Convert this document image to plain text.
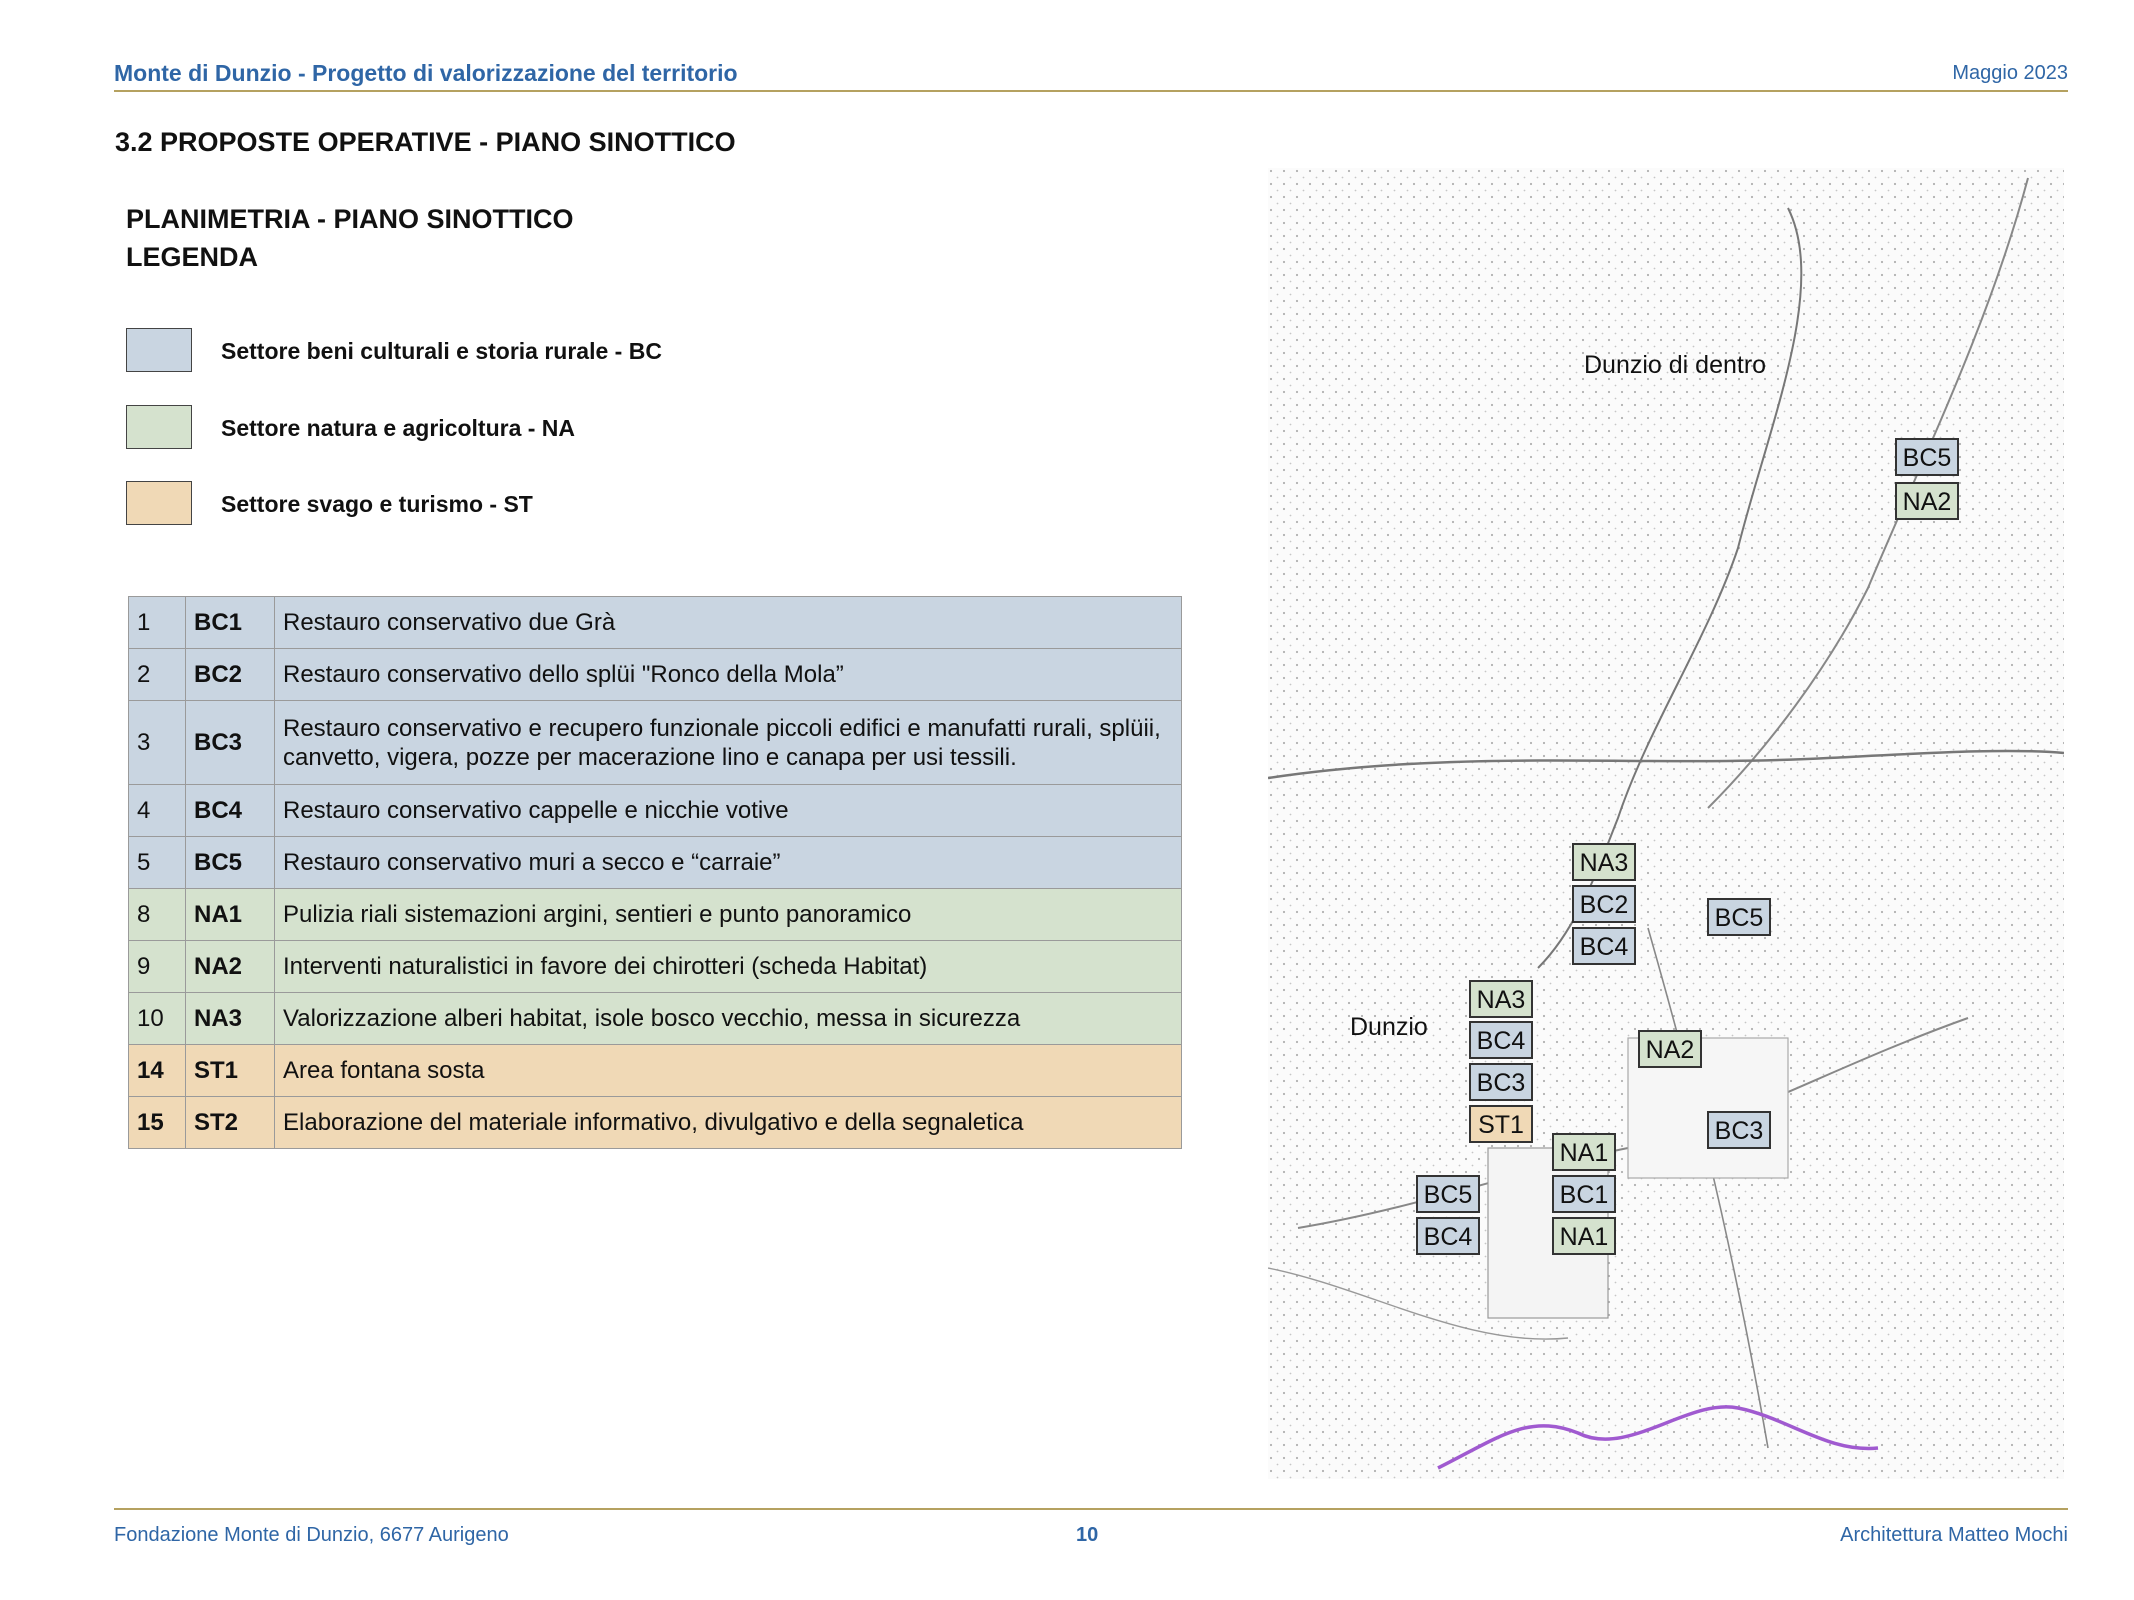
Monte di Dunzio - Progetto di valorizzazione del territorio	Maggio 2023
3.2 PROPOSTE OPERATIVE - PIANO SINOTTICO
PLANIMETRIA - PIANO SINOTTICO
LEGENDA
Settore beni culturali e storia rurale - BC
Settore natura e agricoltura - NA
Settore svago e turismo - ST
1	BC1	Restauro conservativo due Grà
2	BC2	Restauro conservativo dello splüi "Ronco della Mola”
3	BC3	Restauro conservativo e recupero funzionale piccoli edifici e manufatti rurali, splüii, canvetto, vigera, pozze per macerazione lino e canapa per usi tessili.
4	BC4	Restauro conservativo cappelle e nicchie votive
5	BC5	Restauro conservativo muri a secco e “carraie”
8	NA1	Pulizia riali sistemazioni argini, sentieri e punto panoramico
9	NA2	Interventi naturalistici in favore dei chirotteri (scheda Habitat)
10	NA3	Valorizzazione alberi habitat, isole bosco vecchio, messa in sicurezza
14	ST1	Area fontana sosta
15	ST2	Elaborazione del materiale informativo, divulgativo e della segnaletica
Dunzio di dentro
Dunzio
BC5
NA2
NA3
BC2
BC4
BC5
NA3
BC4	NA2
BC3
ST1	BC3
NA1
BC5	BC1
BC4	NA1
Fondazione Monte di Dunzio, 6677 Aurigeno	10	Architettura Matteo Mochi
